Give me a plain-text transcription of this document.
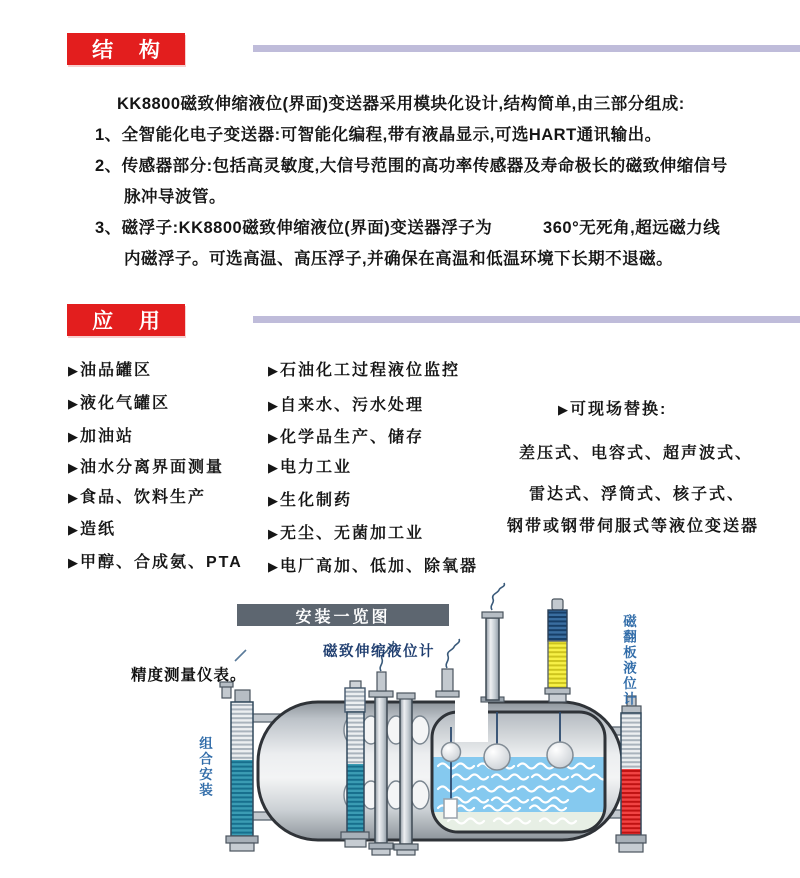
结 构
KK8800磁致伸缩液位(界面)变送器采用模块化设计,结构简单,由三部分组成:
1、全智能化电子变送器:可智能化编程,带有液晶显示,可选HART通讯输出。
2、传感器部分:包括高灵敏度,大信号范围的高功率传感器及寿命极长的磁致伸缩信号
脉冲导波管。
3、磁浮子:KK8800磁致伸缩液位(界面)变送器浮子为          360°无死角,超远磁力线
内磁浮子。可选高温、高压浮子,并确保在高温和低温环境下长期不退磁。
应 用
▶ 油品罐区
▶ 液化气罐区
▶ 加油站
▶ 油水分离界面测量
▶ 食品、饮料生产
▶ 造纸
▶ 甲醇、合成氨、PTA
▶ 石油化工过程液位监控
▶ 自来水、污水处理
▶ 化学品生产、储存
▶ 电力工业
▶ 生化制药
▶ 无尘、无菌加工业
▶ 电厂高加、低加、除氧器
▶ 可现场替换:
差压式、电容式、超声波式、
雷达式、浮筒式、核子式、
钢带或钢带伺服式等液位变送器
安装一览图
磁致伸缩液位计
精度测量仪表。
组合安装
磁翻板液位计
